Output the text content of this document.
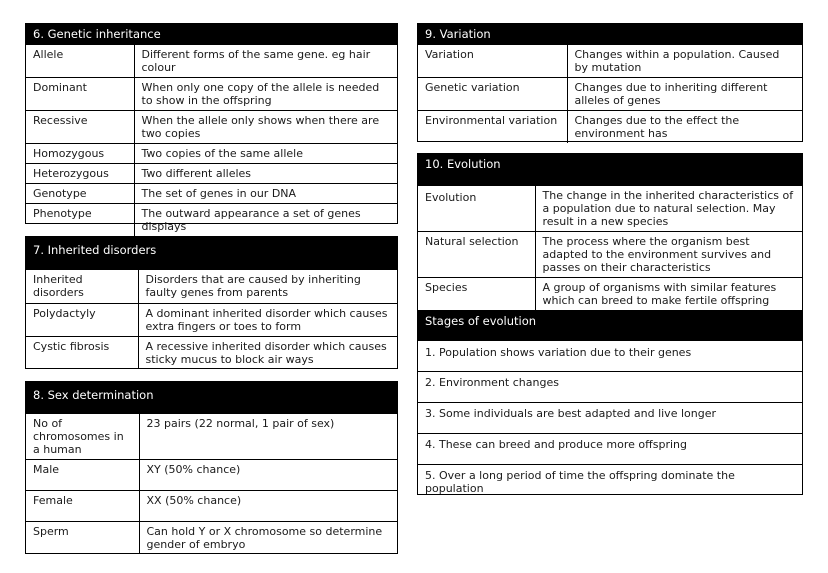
6. Genetic inheritance
Allele	Different forms of the same gene. eg hair colour
Dominant	When only one copy of the allele is needed to show in the offspring
Recessive	When the allele only shows when there are two copies
Homozygous	Two copies of the same allele
Heterozygous	Two different alleles
Genotype	The set of genes in our DNA
Phenotype	The outward appearance a set of genes displays
7. Inherited disorders
Inherited disorders	Disorders that are caused by inheriting faulty genes from parents
Polydactyly	A dominant inherited disorder which causes extra fingers or toes to form
Cystic fibrosis	A recessive inherited disorder which causes sticky mucus to block air ways
8. Sex determination
No of chromosomes in a human	23 pairs (22 normal, 1 pair of sex)
Male	XY (50% chance)
Female	XX (50% chance)
Sperm	Can hold Y or X chromosome so determine gender of embryo
9. Variation
Variation	Changes within a population. Caused by mutation
Genetic variation	Changes due to inheriting different alleles of genes
Environmental variation	Changes due to the effect the environment has
10. Evolution
Evolution	The change in the inherited characteristics of a population due to natural selection. May result in a new species
Natural selection	The process where the organism best adapted to the environment survives and passes on their characteristics
Species	A group of organisms with similar features which can breed to make fertile offspring
Stages of evolution
1. Population shows variation due to their genes
2. Environment changes
3. Some individuals are best adapted and live longer
4. These can breed and produce more offspring
5. Over a long period of time the offspring dominate the population
